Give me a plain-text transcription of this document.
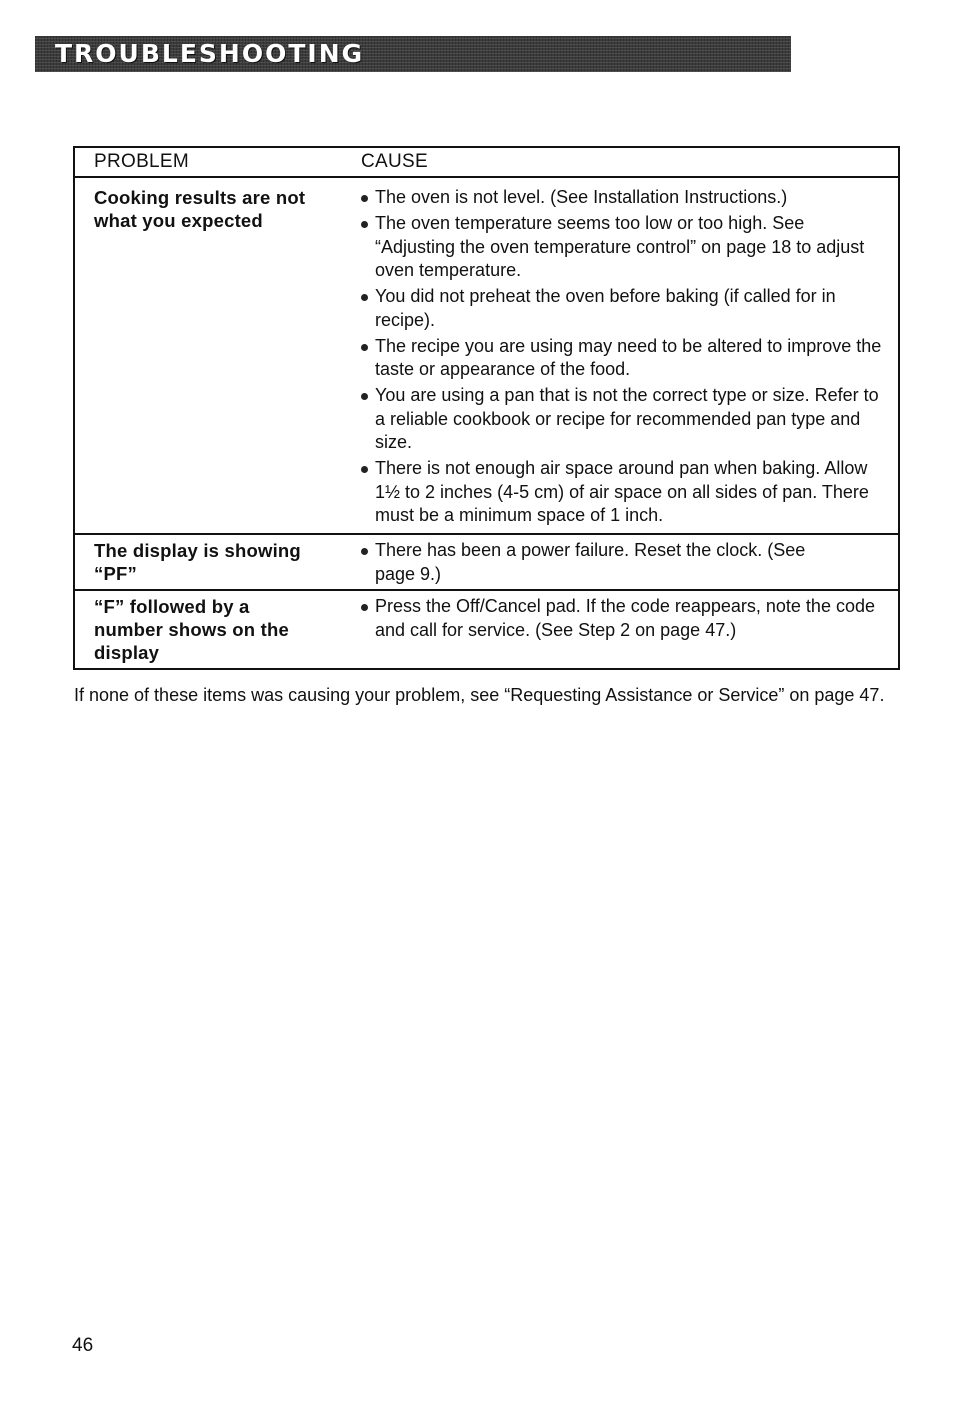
TROUBLESHOOTING
PROBLEM	CAUSE
Cooking results are not what you expected
The oven is not level. (See Installation Instructions.)
The oven temperature seems too low or too high. See “Adjusting the oven temperature control” on page 18 to adjust oven temperature.
You did not preheat the oven before baking (if called for in recipe).
The recipe you are using may need to be altered to improve the taste or appearance of the food.
You are using a pan that is not the correct type or size. Refer to a reliable cookbook or recipe for recommended pan type and size.
There is not enough air space around pan when baking. Allow 1½ to 2 inches (4-5 cm) of air space on all sides of pan. There must be a minimum space of 1 inch.
The display is showing “PF”
There has been a power failure. Reset the clock. (See page 9.)
“F” followed by a number shows on the display
Press the Off/Cancel pad. If the code reappears, note the code and call for service. (See Step 2 on page 47.)
If none of these items was causing your problem, see “Requesting Assistance or Service” on page 47.
46
